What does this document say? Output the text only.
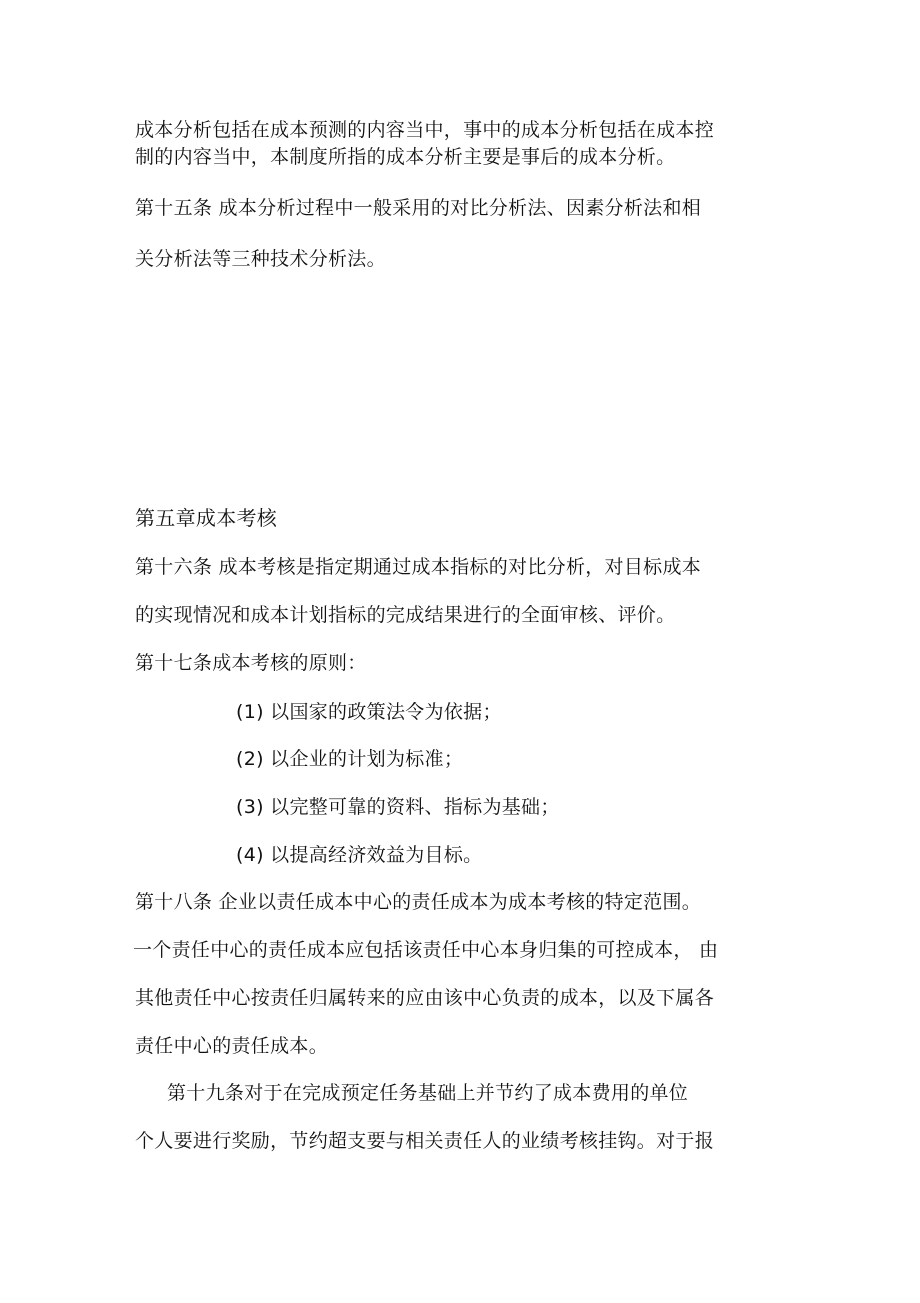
成本分析包括在成本预测的内容当中，事中的成本分析包括在成本控
制的内容当中，本制度所指的成本分析主要是事后的成本分析。
第十五条 成本分析过程中一般采用的对比分析法、因素分析法和相
关分析法等三种技术分析法。
第五章成本考核
第十六条 成本考核是指定期通过成本指标的对比分析，对目标成本
的实现情况和成本计划指标的完成结果进行的全面审核、评价。
第十七条成本考核的原则：
(1) 以国家的政策法令为依据；
(2) 以企业的计划为标准；
(3) 以完整可靠的资料、指标为基础；
(4) 以提高经济效益为目标。
第十八条 企业以责任成本中心的责任成本为成本考核的特定范围。
一个责任中心的责任成本应包括该责任中心本身归集的可控成本， 由
其他责任中心按责任归属转来的应由该中心负责的成本，以及下属各
责任中心的责任成本。
第十九条对于在完成预定任务基础上并节约了成本费用的单位
个人要进行奖励，节约超支要与相关责任人的业绩考核挂钩。对于报
